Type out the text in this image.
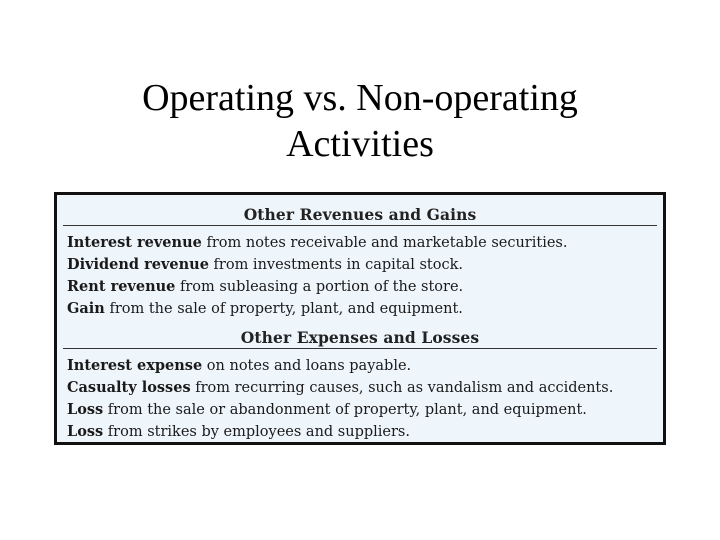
Operating vs. Non-operating
Activities
Other Revenues and Gains
Interest revenue from notes receivable and marketable securities.
Dividend revenue from investments in capital stock.
Rent revenue from subleasing a portion of the store.
Gain from the sale of property, plant, and equipment.
Other Expenses and Losses
Interest expense on notes and loans payable.
Casualty losses from recurring causes, such as vandalism and accidents.
Loss from the sale or abandonment of property, plant, and equipment.
Loss from strikes by employees and suppliers.
